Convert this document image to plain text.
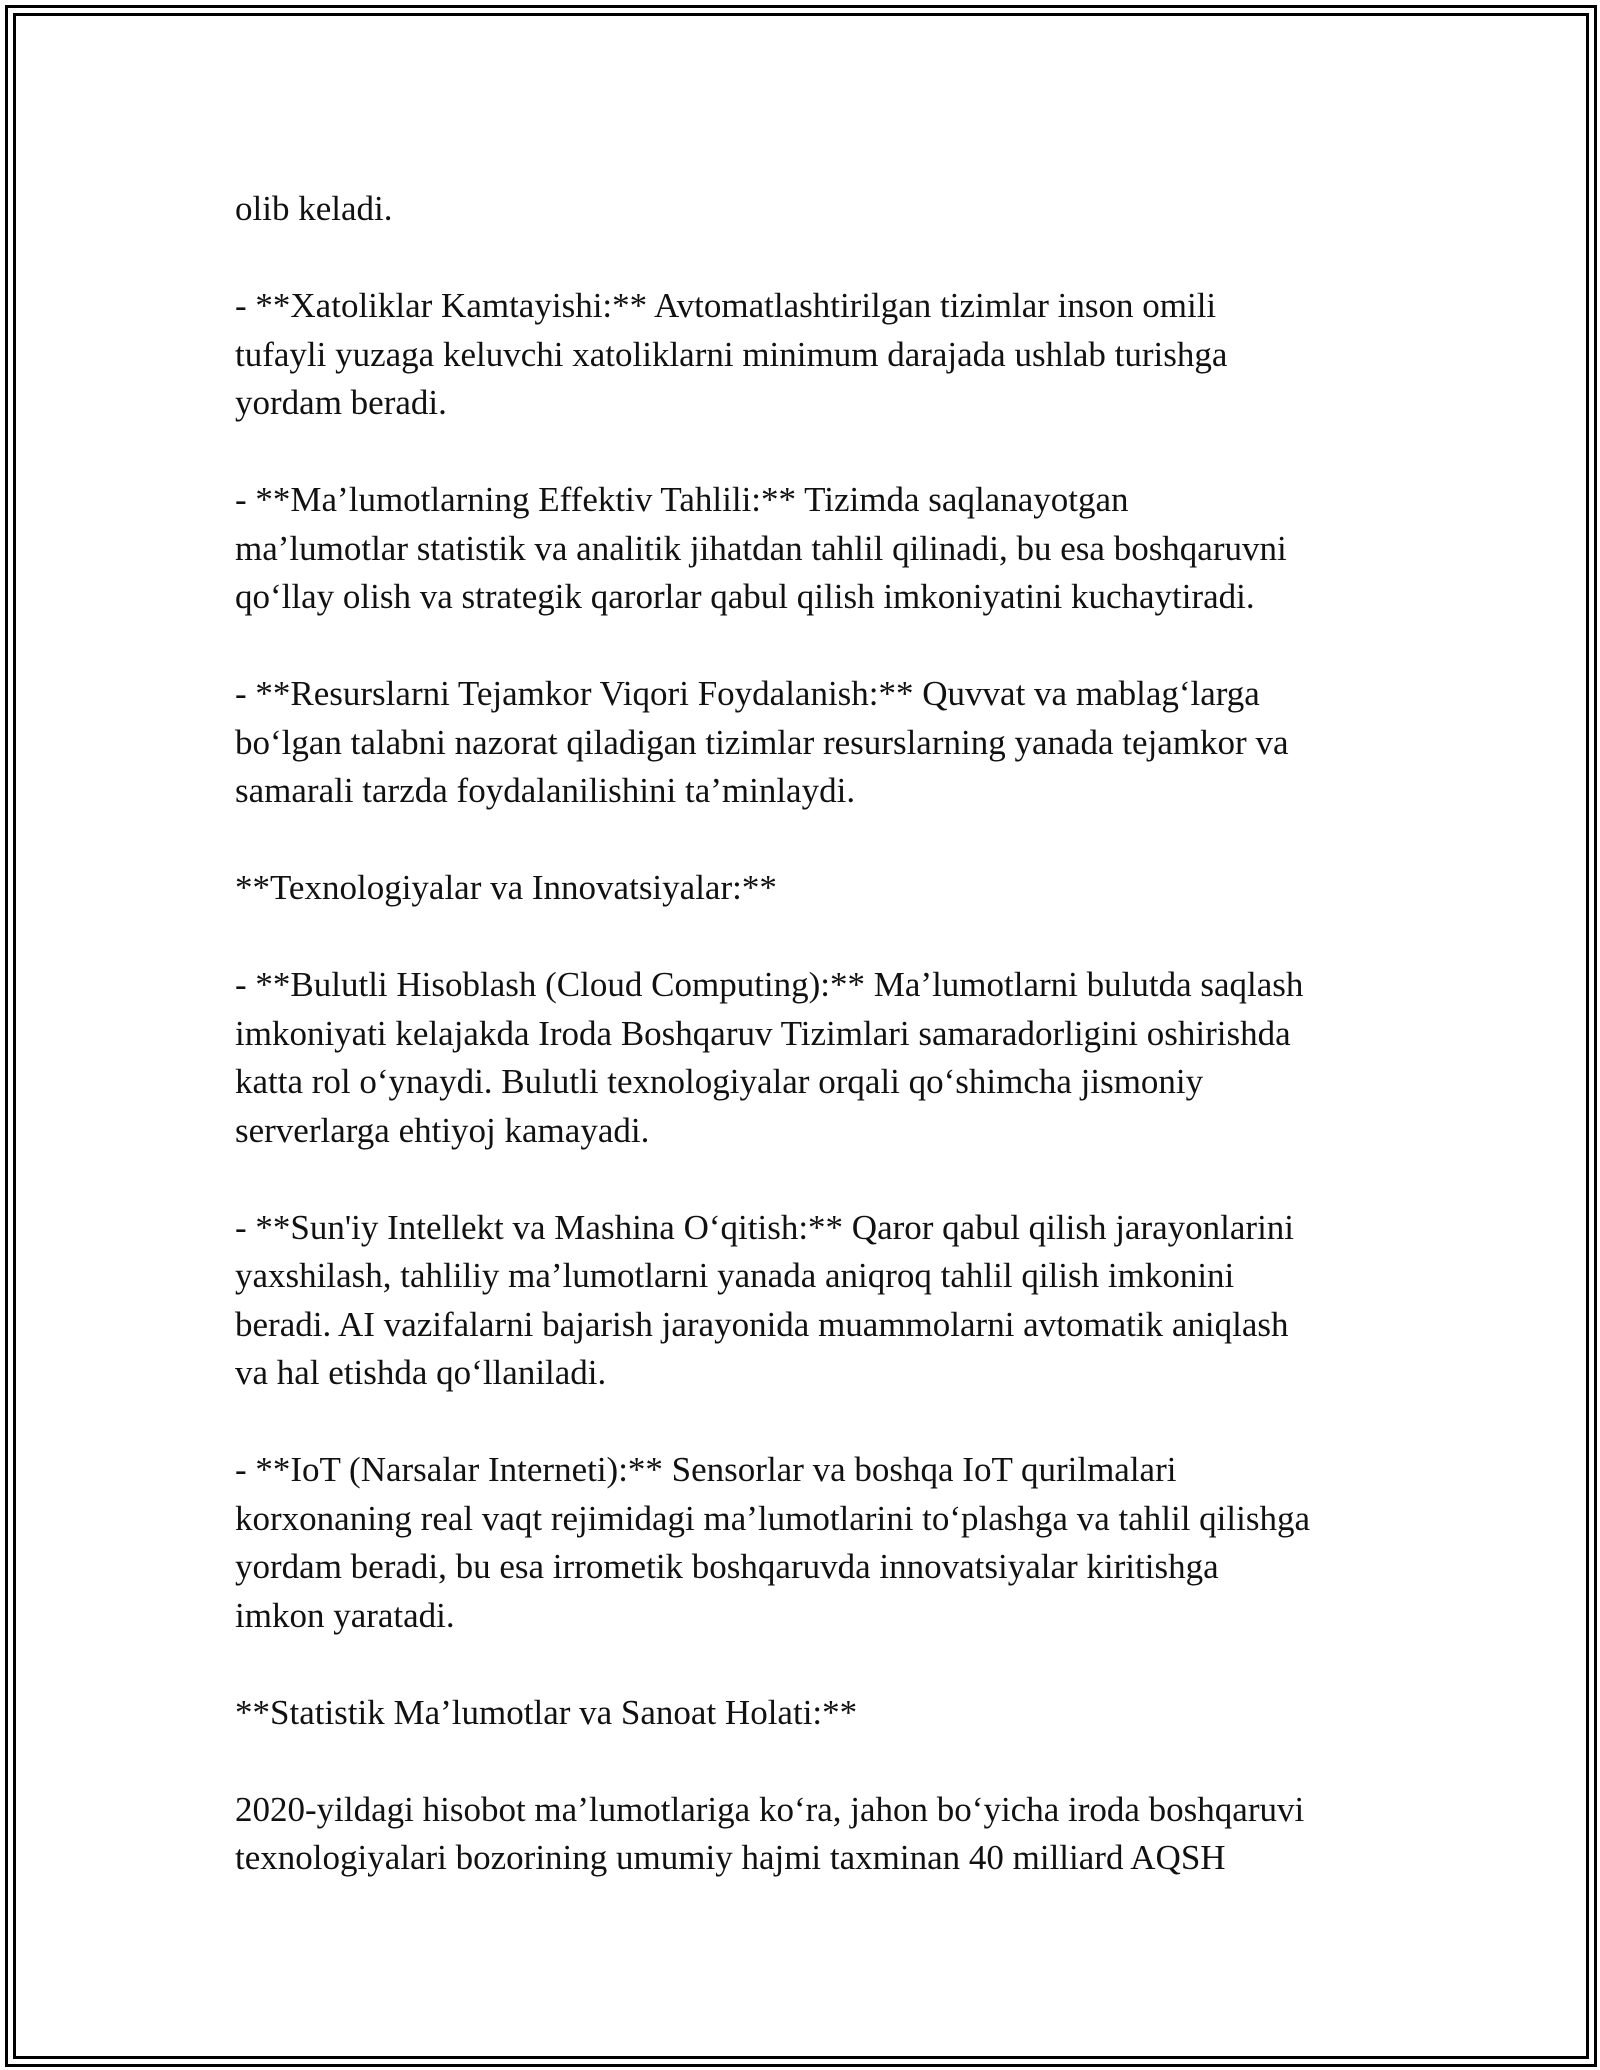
olib keladi.

- **Xatoliklar Kamtayishi:** Avtomatlashtirilgan tizimlar inson omili
tufayli yuzaga keluvchi xatoliklarni minimum darajada ushlab turishga
yordam beradi.

- **Ma’lumotlarning Effektiv Tahlili:** Tizimda saqlanayotgan
ma’lumotlar statistik va analitik jihatdan tahlil qilinadi, bu esa boshqaruvni
qo‘llay olish va strategik qarorlar qabul qilish imkoniyatini kuchaytiradi.

- **Resurslarni Tejamkor Viqori Foydalanish:** Quvvat va mablag‘larga
bo‘lgan talabni nazorat qiladigan tizimlar resurslarning yanada tejamkor va
samarali tarzda foydalanilishini ta’minlaydi.

**Texnologiyalar va Innovatsiyalar:**

- **Bulutli Hisoblash (Cloud Computing):** Ma’lumotlarni bulutda saqlash
imkoniyati kelajakda Iroda Boshqaruv Tizimlari samaradorligini oshirishda
katta rol o‘ynaydi. Bulutli texnologiyalar orqali qo‘shimcha jismoniy
serverlarga ehtiyoj kamayadi.

- **Sun'iy Intellekt va Mashina O‘qitish:** Qaror qabul qilish jarayonlarini
yaxshilash, tahliliy ma’lumotlarni yanada aniqroq tahlil qilish imkonini
beradi. AI vazifalarni bajarish jarayonida muammolarni avtomatik aniqlash
va hal etishda qo‘llaniladi.

- **IoT (Narsalar Interneti):** Sensorlar va boshqa IoT qurilmalari
korxonaning real vaqt rejimidagi ma’lumotlarini to‘plashga va tahlil qilishga
yordam beradi, bu esa irrometik boshqaruvda innovatsiyalar kiritishga
imkon yaratadi.

**Statistik Ma’lumotlar va Sanoat Holati:**

2020-yildagi hisobot ma’lumotlariga ko‘ra, jahon bo‘yicha iroda boshqaruvi
texnologiyalari bozorining umumiy hajmi taxminan 40 milliard AQSH
